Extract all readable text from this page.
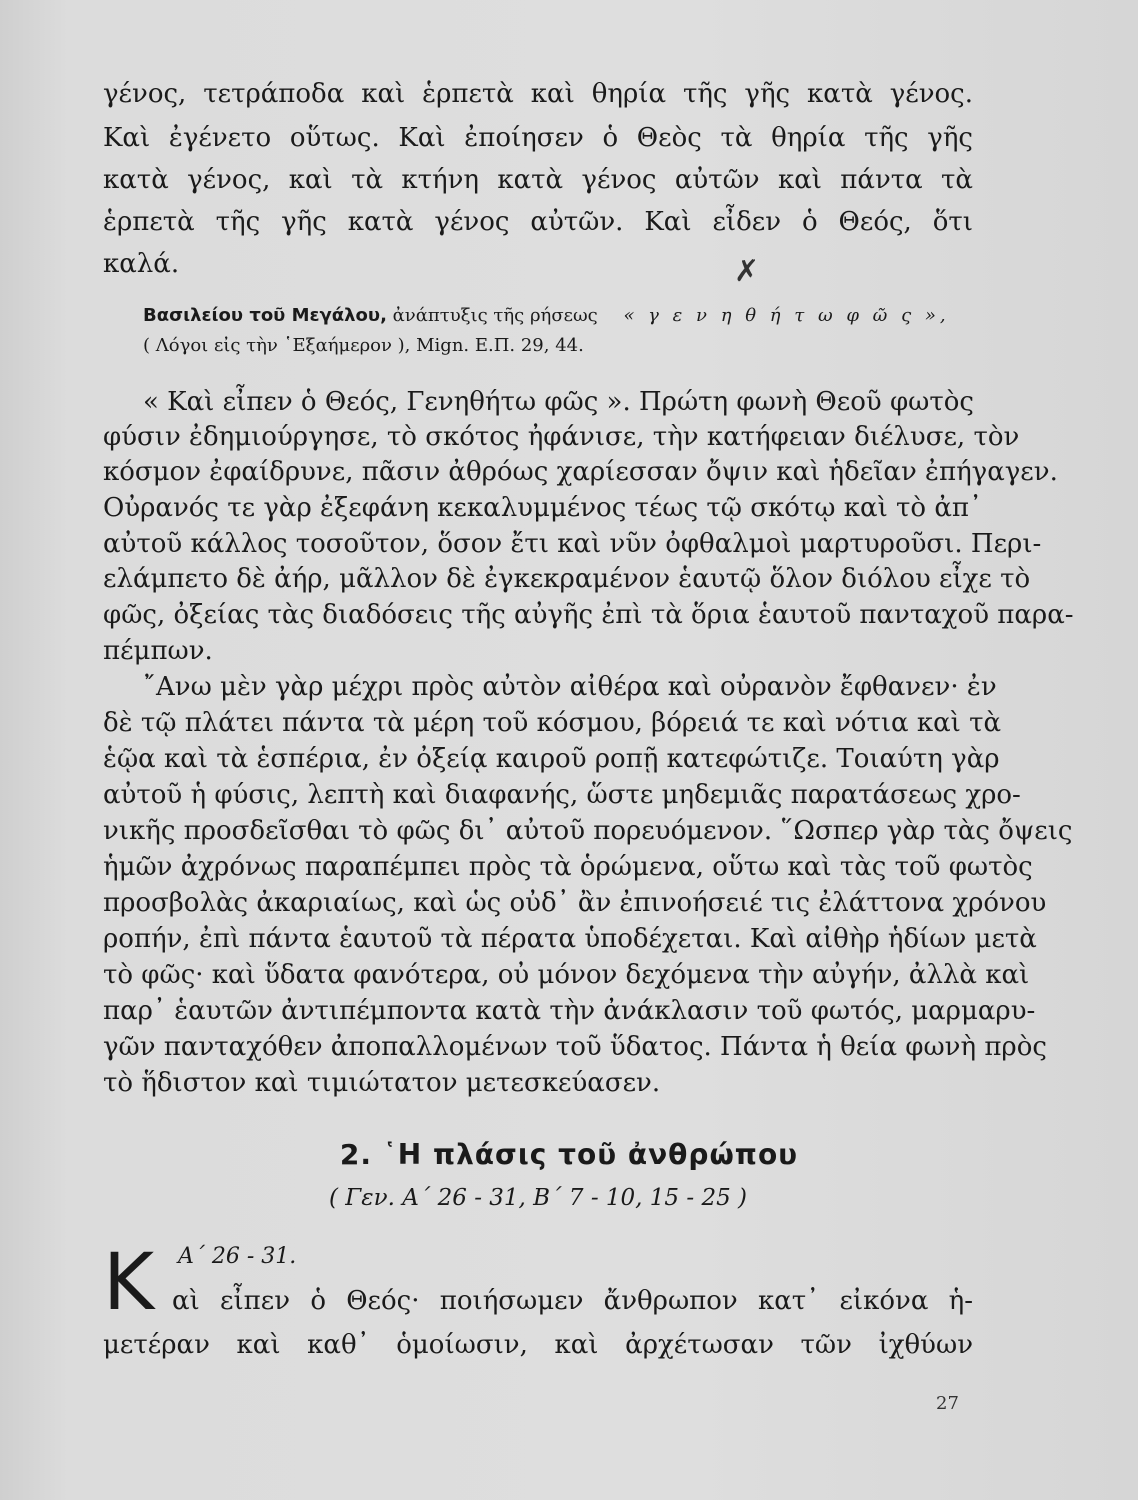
γένος, τετράποδα καὶ ἑρπετὰ καὶ θηρία τῆς γῆς κατὰ γένος.
Καὶ ἐγένετο οὕτως. Καὶ ἐποίησεν ὁ Θεὸς τὰ θηρία τῆς γῆς
κατὰ γένος, καὶ τὰ κτήνη κατὰ γένος αὐτῶν καὶ πάντα τὰ
ἑρπετὰ τῆς γῆς κατὰ γένος αὐτῶν. Καὶ εἶδεν ὁ Θεός, ὅτι
καλά.	✗
Βασιλείου τοῦ Μεγάλου, ἀνάπτυξις τῆς ρήσεως « γ ε ν η θ ή τ ω φ ῶ ς »,
( Λόγοι εἰς τὴν ῾Εξαήμερον ), Mign. Ε.Π. 29, 44.
« Καὶ εἶπεν ὁ Θεός, Γενηθήτω φῶς ». Πρώτη φωνὴ Θεοῦ φωτὸς
φύσιν ἐδημιούργησε, τὸ σκότος ἠφάνισε, τὴν κατήφειαν διέλυσε, τὸν
κόσμον ἐφαίδρυνε, πᾶσιν ἀθρόως χαρίεσσαν ὄψιν καὶ ἡδεῖαν ἐπήγαγεν.
Οὐρανός τε γὰρ ἐξεφάνη κεκαλυμμένος τέως τῷ σκότῳ καὶ τὸ ἀπ᾽
αὐτοῦ κάλλος τοσοῦτον, ὅσον ἔτι καὶ νῦν ὀφθαλμοὶ μαρτυροῦσι. Περι-
ελάμπετο δὲ ἀήρ, μᾶλλον δὲ ἐγκεκραμένον ἑαυτῷ ὅλον διόλου εἶχε τὸ
φῶς, ὀξείας τὰς διαδόσεις τῆς αὐγῆς ἐπὶ τὰ ὅρια ἑαυτοῦ πανταχοῦ παρα-
πέμπων.
῎Ανω μὲν γὰρ μέχρι πρὸς αὐτὸν αἰθέρα καὶ οὐρανὸν ἔφθανεν· ἐν
δὲ τῷ πλάτει πάντα τὰ μέρη τοῦ κόσμου, βόρειά τε καὶ νότια καὶ τὰ
ἑῷα καὶ τὰ ἑσπέρια, ἐν ὀξείᾳ καιροῦ ροπῇ κατεφώτιζε. Τοιαύτη γὰρ
αὐτοῦ ἡ φύσις, λεπτὴ καὶ διαφανής, ὥστε μηδεμιᾶς παρατάσεως χρο-
νικῆς προσδεῖσθαι τὸ φῶς δι᾽ αὐτοῦ πορευόμενον. ῞Ωσπερ γὰρ τὰς ὄψεις
ἡμῶν ἀχρόνως παραπέμπει πρὸς τὰ ὁρώμενα, οὕτω καὶ τὰς τοῦ φωτὸς
προσβολὰς ἀκαριαίως, καὶ ὡς οὐδ᾽ ἂν ἐπινοήσειέ τις ἐλάττονα χρόνου
ροπήν, ἐπὶ πάντα ἑαυτοῦ τὰ πέρατα ὑποδέχεται. Καὶ αἰθὴρ ἡδίων μετὰ
τὸ φῶς· καὶ ὕδατα φανότερα, οὐ μόνον δεχόμενα τὴν αὐγήν, ἀλλὰ καὶ
παρ᾽ ἑαυτῶν ἀντιπέμποντα κατὰ τὴν ἀνάκλασιν τοῦ φωτός, μαρμαρυ-
γῶν πανταχόθεν ἀποπαλλομένων τοῦ ὕδατος. Πάντα ἡ θεία φωνὴ πρὸς
τὸ ἥδιστον καὶ τιμιώτατον μετεσκεύασεν.
2. ῾Η πλάσις τοῦ ἀνθρώπου
( Γεν. Α΄ 26 - 31, Β΄ 7 - 10, 15 - 25 )
Κ Α΄ 26 - 31.
αὶ εἶπεν ὁ Θεός· ποιήσωμεν ἄνθρωπον κατ᾽ εἰκόνα ἡ-
μετέραν καὶ καθ᾽ ὁμοίωσιν, καὶ ἀρχέτωσαν τῶν ἰχθύων
27
